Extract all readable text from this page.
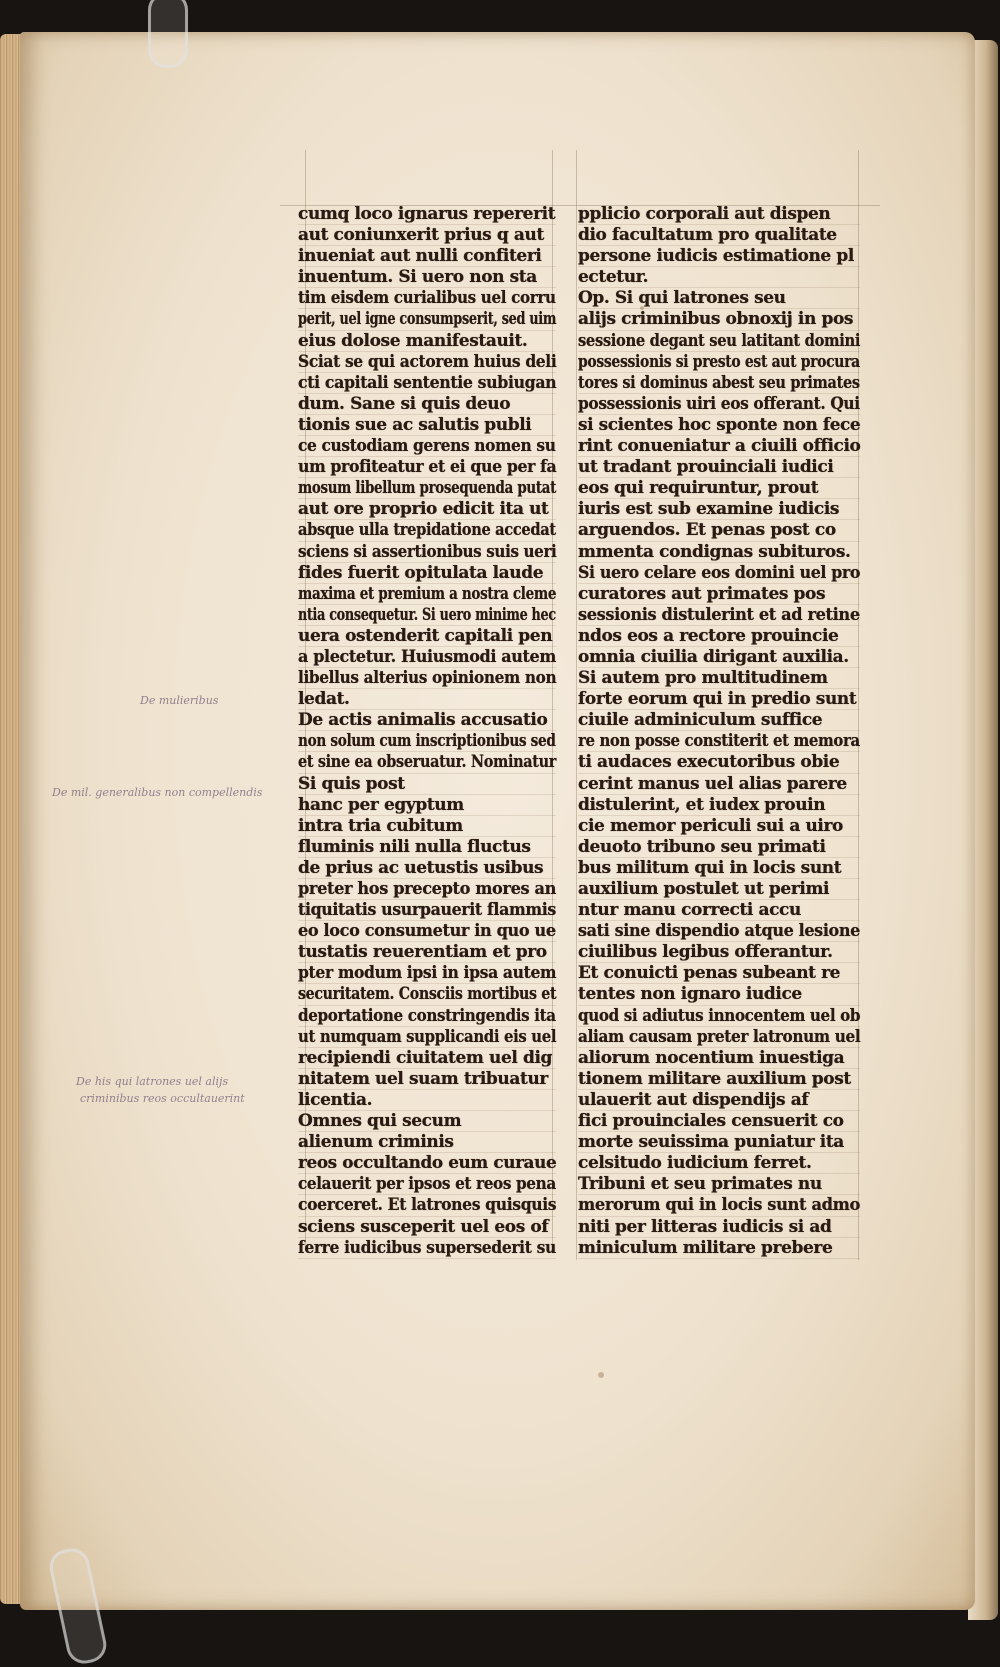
cumq loco ignarus repererit
aut coniunxerit prius q aut
inueniat aut nulli confiteri
inuentum. Si uero non sta
tim eisdem curialibus uel corru
perit, uel igne consumpserit, sed uim
eius dolose manifestauit.
Sciat se qui actorem huius deli
cti capitali sententie subiugan
dum. Sane si quis deuo
tionis sue ac salutis publi
ce custodiam gerens nomen su
um profiteatur et ei que per fa
mosum libellum prosequenda putat
aut ore proprio edicit ita ut
absque ulla trepidatione accedat
sciens si assertionibus suis ueri
fides fuerit opitulata laude
maxima et premium a nostra cleme
ntia consequetur. Si uero minime hec
uera ostenderit capitali pen
a plectetur. Huiusmodi autem
libellus alterius opinionem non
ledat.
De actis animalis accusatio
non solum cum inscriptionibus sed
et sine ea obseruatur. Nominatur
Si quis post
hanc per egyptum
intra tria cubitum
fluminis nili nulla fluctus
de prius ac uetustis usibus
preter hos precepto mores an
tiquitatis usurpauerit flammis
eo loco consumetur in quo ue
tustatis reuerentiam et pro
pter modum ipsi in ipsa autem
securitatem. Consciis mortibus et
deportatione constringendis ita
ut numquam supplicandi eis uel
recipiendi ciuitatem uel dig
nitatem uel suam tribuatur
licentia.
Omnes qui secum
alienum criminis
reos occultando eum curaue
celauerit per ipsos et reos pena
coerceret. Et latrones quisquis
sciens susceperit uel eos of
ferre iudicibus supersederit su
pplicio corporali aut dispen
dio facultatum pro qualitate
persone iudicis estimatione pl
ectetur.
Op. Si qui latrones seu
alijs criminibus obnoxij in pos
sessione degant seu latitant domini
possessionis si presto est aut procura
tores si dominus abest seu primates
possessionis uiri eos offerant. Qui
si scientes hoc sponte non fece
rint conueniatur a ciuili officio
ut tradant prouinciali iudici
eos qui requiruntur, prout
iuris est sub examine iudicis
arguendos. Et penas post co
mmenta condignas subituros.
Si uero celare eos domini uel pro
curatores aut primates pos
sessionis distulerint et ad retine
ndos eos a rectore prouincie
omnia ciuilia dirigant auxilia.
Si autem pro multitudinem
forte eorum qui in predio sunt
ciuile adminiculum suffice
re non posse constiterit et memora
ti audaces executoribus obie
cerint manus uel alias parere
distulerint, et iudex prouin
cie memor periculi sui a uiro
deuoto tribuno seu primati
bus militum qui in locis sunt
auxilium postulet ut perimi
ntur manu correcti accu
sati sine dispendio atque lesione
ciuilibus legibus offerantur.
Et conuicti penas subeant re
tentes non ignaro iudice
quod si adiutus innocentem uel ob
aliam causam preter latronum uel
aliorum nocentium inuestiga
tionem militare auxilium post
ulauerit aut dispendijs af
fici prouinciales censuerit co
morte seuissima puniatur ita
celsitudo iudicium ferret.
Tribuni et seu primates nu
merorum qui in locis sunt admo
niti per litteras iudicis si ad
miniculum militare prebere
De mulieribus
De mil. generalibus non compellendis
De his qui latrones uel alijs
criminibus reos occultauerint
